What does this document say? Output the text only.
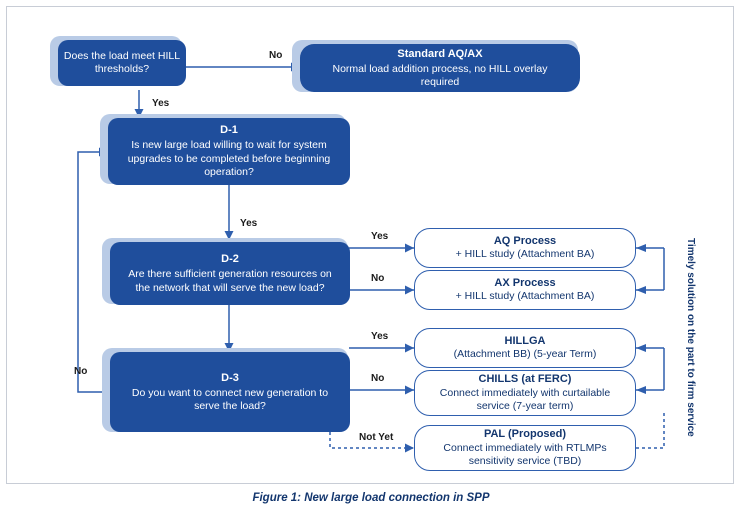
Does the load meet HILL thresholds?
Standard AQ/AX
Normal load addition process, no HILL overlay required
D-1
Is new large load willing to wait for system upgrades to be completed before beginning operation?
D-2
Are there sufficient generation resources on the network that will serve the new load?
D-3
Do you want to connect new generation to serve the load?
AQ Process
+ HILL study (Attachment BA)
AX Process
+ HILL study (Attachment BA)
HILLGA
(Attachment BB) (5-year Term)
CHILLS (at FERC)
Connect immediately with curtailable service (7-year term)
PAL (Proposed)
Connect immediately with RTLMPs sensitivity service (TBD)
No
Yes
Yes
Yes
No
Yes
No
Not Yet
No	Timely solution on the part to firm service
Figure 1: New large load connection in SPP
